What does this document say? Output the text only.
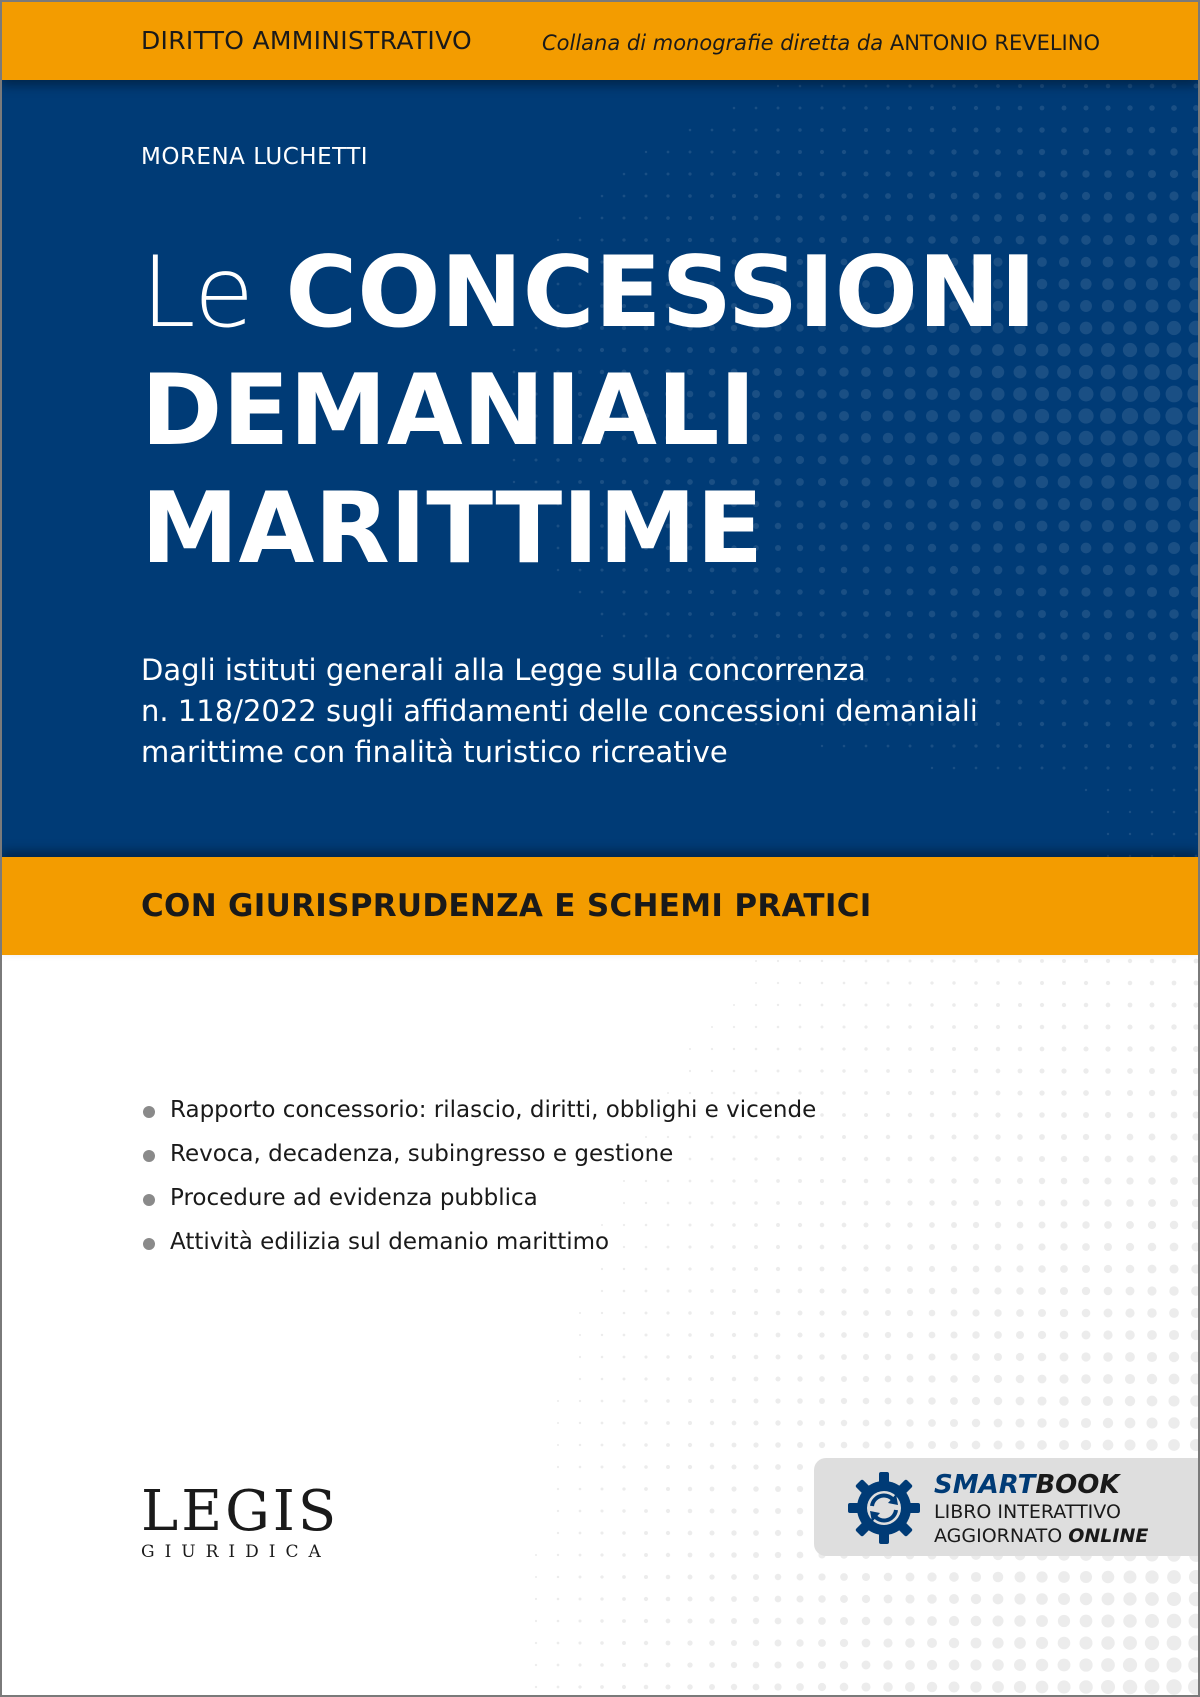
DIRITTO AMMINISTRATIVO	Collana di monografie diretta da ANTONIO REVELINO
MORENA LUCHETTI
Le CONCESSIONI
DEMANIALI
MARITTIME
Dagli istituti generali alla Legge sulla concorrenza
n. 118/2022 sugli affidamenti delle concessioni demaniali
marittime con finalità turistico ricreative
CON GIURISPRUDENZA E SCHEMI PRATICI
Rapporto concessorio: rilascio, diritti, obblighi e vicende
Revoca, decadenza, subingresso e gestione
Procedure ad evidenza pubblica
Attività edilizia sul demanio marittimo
LEGIS
GIURIDICA
SMARTBOOK
LIBRO INTERATTIVO
AGGIORNATO ONLINE
